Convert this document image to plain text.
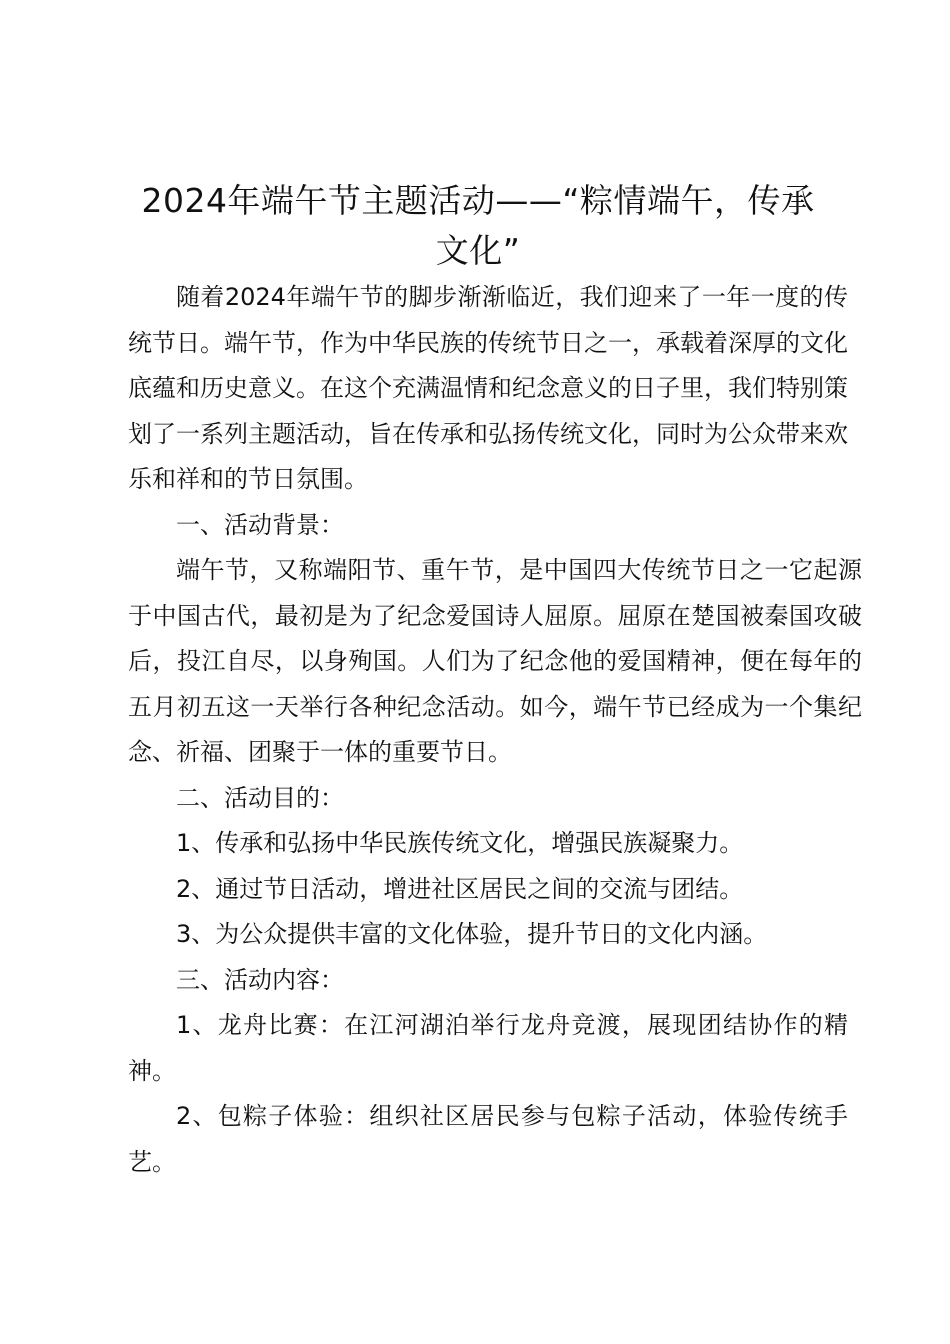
2024年端午节主题活动——“粽情端午，传承文化”

随着2024年端午节的脚步渐渐临近，我们迎来了一年一度的传统节日。端午节，作为中华民族的传统节日之一，承载着深厚的文化底蕴和历史意义。在这个充满温情和纪念意义的日子里，我们特别策划了一系列主题活动，旨在传承和弘扬传统文化，同时为公众带来欢乐和祥和的节日氛围。

一、活动背景：

端午节，又称端阳节、重午节，是中国四大传统节日之一它起源于中国古代，最初是为了纪念爱国诗人屈原。屈原在楚国被秦国攻破后，投江自尽，以身殉国。人们为了纪念他的爱国精神，便在每年的五月初五这一天举行各种纪念活动。如今，端午节已经成为一个集纪念、祈福、团聚于一体的重要节日。

二、活动目的：

1、传承和弘扬中华民族传统文化，增强民族凝聚力。

2、通过节日活动，增进社区居民之间的交流与团结。

3、为公众提供丰富的文化体验，提升节日的文化内涵。

三、活动内容：

1、龙舟比赛：在江河湖泊举行龙舟竞渡，展现团结协作的精神。

2、包粽子体验：组织社区居民参与包粽子活动，体验传统手艺。
